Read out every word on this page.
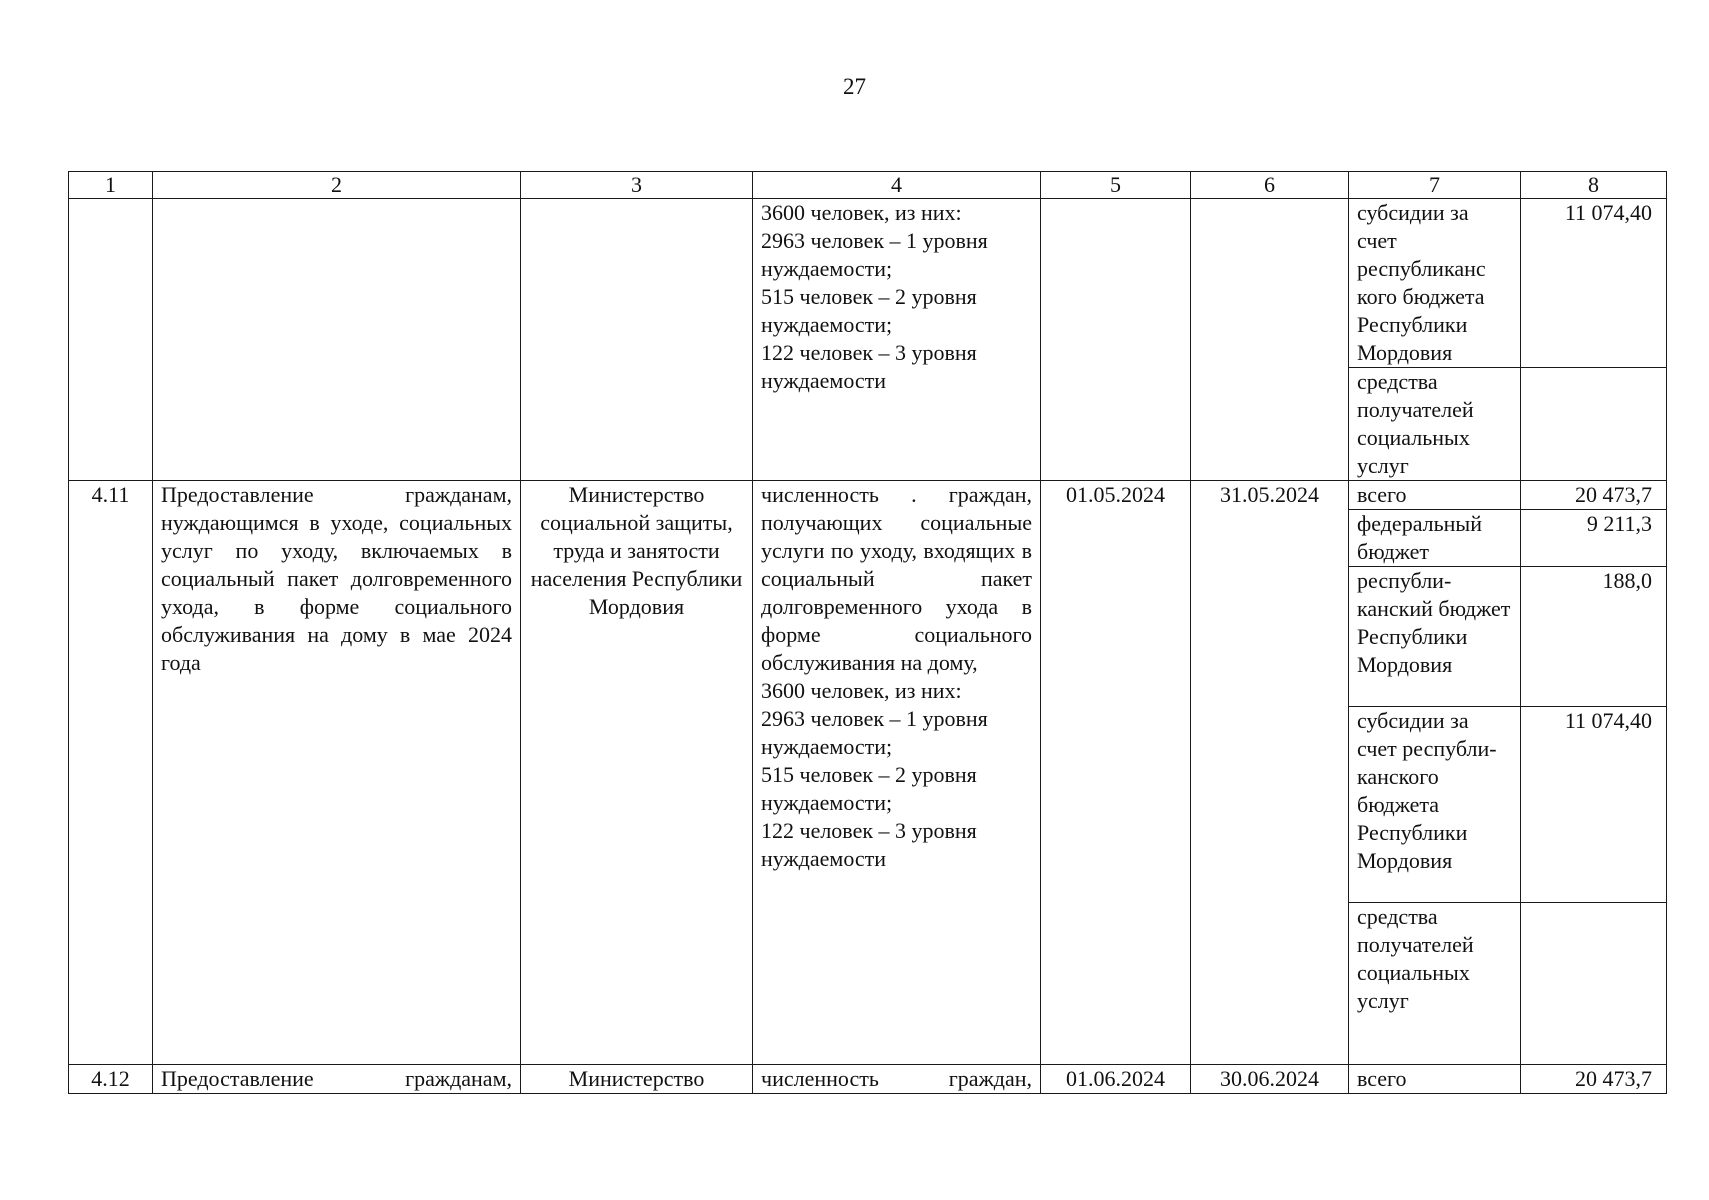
27
1	2	3	4	5	6	7	8
			3600 человек, из них:
2963 человек – 1 уровня нуждаемости;
515 человек – 2 уровня нуждаемости;
122 человек – 3 уровня нуждаемости			субсидии за счет республиканс кого бюджета Республики Мордовия	11 074,40
						средства получателей социальных услуг	
4.11	Предоставление гражданам, нуждающимся в уходе, социальных услуг по уходу, включаемых в социальный пакет долговременного ухода, в форме социального обслуживания на дому в мае 2024 года	Министерство социальной защиты, труда и занятости населения Республики Мордовия	численность . граждан, получающих социальные услуги по уходу, входящих в социальный пакет долговременного ухода в форме социального обслуживания на дому,
3600 человек, из них:
2963 человек – 1 уровня нуждаемости;
515 человек – 2 уровня нуждаемости;
122 человек – 3 уровня нуждаемости	01.05.2024	31.05.2024	всего	20 473,7
						федеральный бюджет	9 211,3
						республи-канский бюджет Республики Мордовия	188,0
						субсидии за счет республи-канского бюджета Республики Мордовия	11 074,40
						средства получателей социальных услуг	
4.12	Предоставление гражданам,	Министерство	численность граждан,	01.06.2024	30.06.2024	всего	20 473,7
